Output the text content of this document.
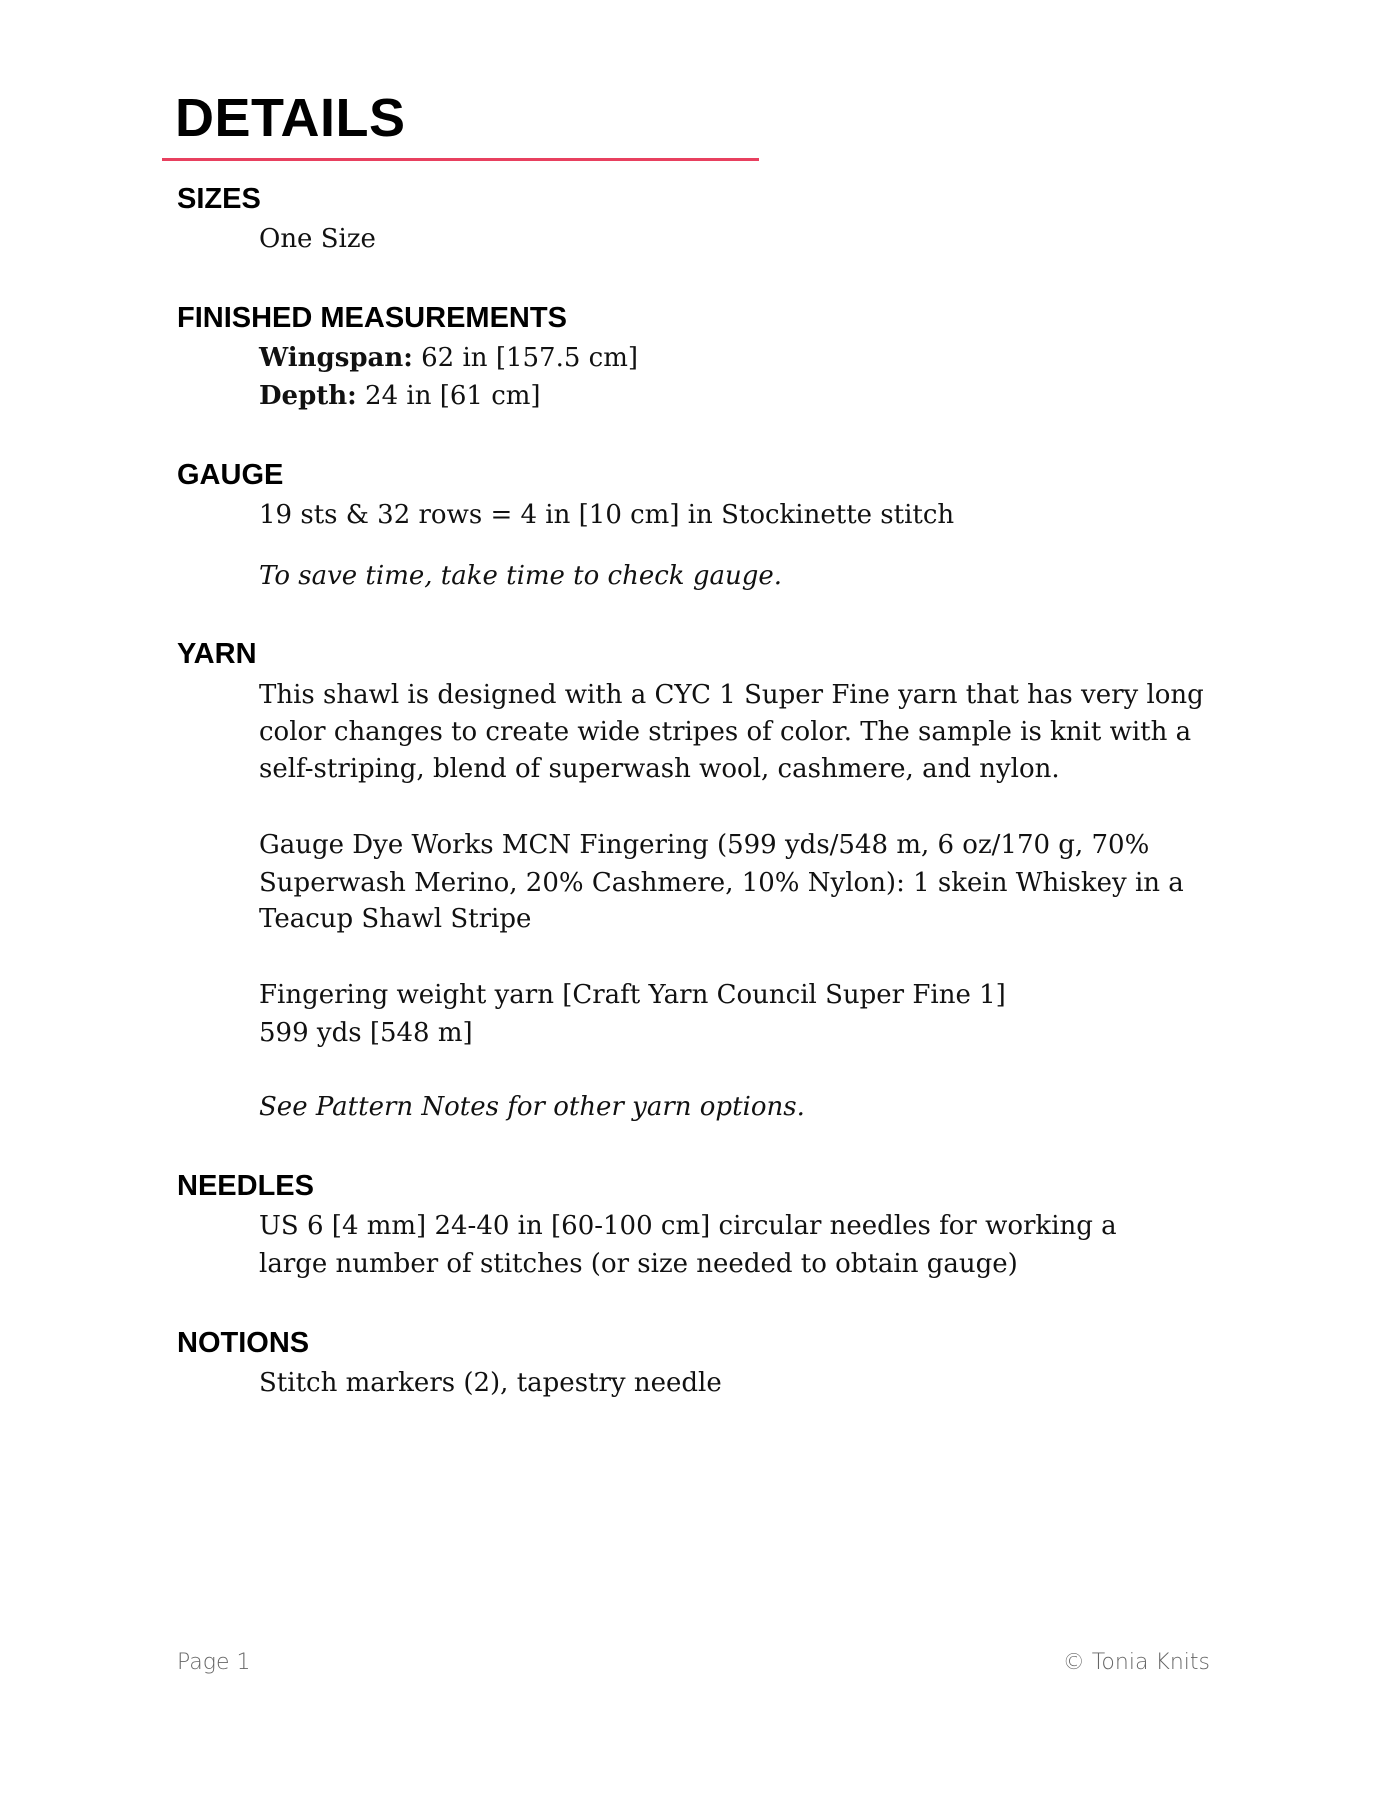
DETAILS
SIZES
One Size
FINISHED MEASUREMENTS
Wingspan: 62 in [157.5 cm]
Depth: 24 in [61 cm]
GAUGE
19 sts & 32 rows = 4 in [10 cm] in Stockinette stitch
To save time, take time to check gauge.
YARN
This shawl is designed with a CYC 1 Super Fine yarn that has very long
color changes to create wide stripes of color. The sample is knit with a
self-striping, blend of superwash wool, cashmere, and nylon.
Gauge Dye Works MCN Fingering (599 yds/548 m, 6 oz/170 g, 70%
Superwash Merino, 20% Cashmere, 10% Nylon): 1 skein Whiskey in a
Teacup Shawl Stripe
Fingering weight yarn [Craft Yarn Council Super Fine 1]
599 yds [548 m]
See Pattern Notes for other yarn options.
NEEDLES
US 6 [4 mm] 24-40 in [60-100 cm] circular needles for working a
large number of stitches (or size needed to obtain gauge)
NOTIONS
Stitch markers (2), tapestry needle
Page 1	© Tonia Knits
